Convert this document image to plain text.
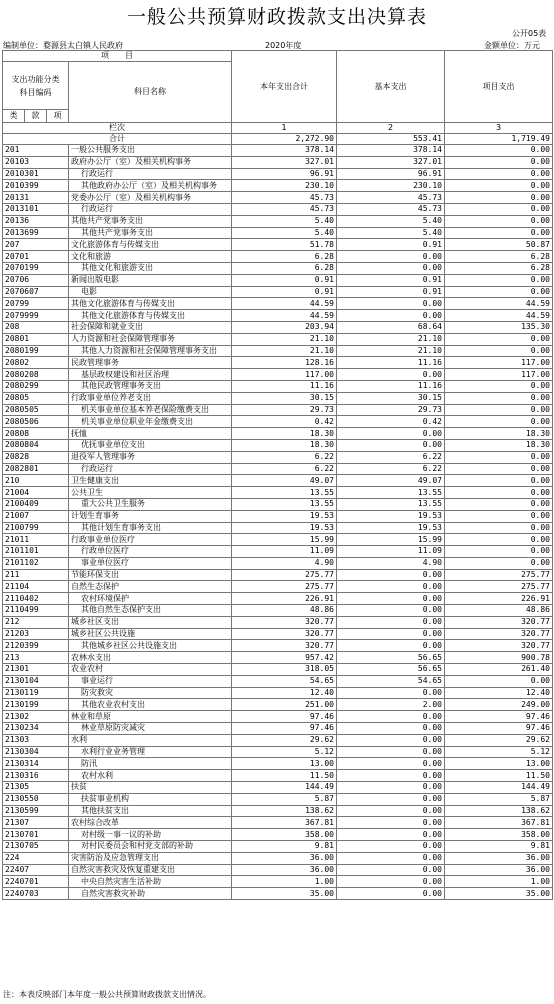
一般公共预算财政拨款支出决算表
公开05表
编制单位：婺源县太白镇人民政府	2020年度	金额单位：万元
项　　目				本年支出合计	基本支出	项目支出
支出功能分类
科目编码			科目名称			
类	款	项				
栏次				1	2	3
合计				2,272.90	553.41	1,719.49
201			一般公共服务支出	378.14	378.14	0.00
20103			政府办公厅（室）及相关机构事务	327.01	327.01	0.00
2010301			行政运行	96.91	96.91	0.00
2010399			其他政府办公厅（室）及相关机构事务	230.10	230.10	0.00
20131			党委办公厅（室）及相关机构事务	45.73	45.73	0.00
2013101			行政运行	45.73	45.73	0.00
20136			其他共产党事务支出	5.40	5.40	0.00
2013699			其他共产党事务支出	5.40	5.40	0.00
207			文化旅游体育与传媒支出	51.78	0.91	50.87
20701			文化和旅游	6.28	0.00	6.28
2070199			其他文化和旅游支出	6.28	0.00	6.28
20706			新闻出版电影	0.91	0.91	0.00
2070607			电影	0.91	0.91	0.00
20799			其他文化旅游体育与传媒支出	44.59	0.00	44.59
2079999			其他文化旅游体育与传媒支出	44.59	0.00	44.59
208			社会保障和就业支出	203.94	68.64	135.30
20801			人力资源和社会保障管理事务	21.10	21.10	0.00
2080199			其他人力资源和社会保障管理事务支出	21.10	21.10	0.00
20802			民政管理事务	128.16	11.16	117.00
2080208			基层政权建设和社区治理	117.00	0.00	117.00
2080299			其他民政管理事务支出	11.16	11.16	0.00
20805			行政事业单位养老支出	30.15	30.15	0.00
2080505			机关事业单位基本养老保险缴费支出	29.73	29.73	0.00
2080506			机关事业单位职业年金缴费支出	0.42	0.42	0.00
20808			抚恤	18.30	0.00	18.30
2080804			优抚事业单位支出	18.30	0.00	18.30
20828			退役军人管理事务	6.22	6.22	0.00
2082801			行政运行	6.22	6.22	0.00
210			卫生健康支出	49.07	49.07	0.00
21004			公共卫生	13.55	13.55	0.00
2100409			重大公共卫生服务	13.55	13.55	0.00
21007			计划生育事务	19.53	19.53	0.00
2100799			其他计划生育事务支出	19.53	19.53	0.00
21011			行政事业单位医疗	15.99	15.99	0.00
2101101			行政单位医疗	11.09	11.09	0.00
2101102			事业单位医疗	4.90	4.90	0.00
211			节能环保支出	275.77	0.00	275.77
21104			自然生态保护	275.77	0.00	275.77
2110402			农村环境保护	226.91	0.00	226.91
2110499			其他自然生态保护支出	48.86	0.00	48.86
212			城乡社区支出	320.77	0.00	320.77
21203			城乡社区公共设施	320.77	0.00	320.77
2120399			其他城乡社区公共设施支出	320.77	0.00	320.77
213			农林水支出	957.42	56.65	900.78
21301			农业农村	318.05	56.65	261.40
2130104			事业运行	54.65	54.65	0.00
2130119			防灾救灾	12.40	0.00	12.40
2130199			其他农业农村支出	251.00	2.00	249.00
21302			林业和草原	97.46	0.00	97.46
2130234			林业草原防灾减灾	97.46	0.00	97.46
21303			水利	29.62	0.00	29.62
2130304			水利行业业务管理	5.12	0.00	5.12
2130314			防汛	13.00	0.00	13.00
2130316			农村水利	11.50	0.00	11.50
21305			扶贫	144.49	0.00	144.49
2130550			扶贫事业机构	5.87	0.00	5.87
2130599			其他扶贫支出	138.62	0.00	138.62
21307			农村综合改革	367.81	0.00	367.81
2130701			对村级一事一议的补助	358.00	0.00	358.00
2130705			对村民委员会和村党支部的补助	9.81	0.00	9.81
224			灾害防治及应急管理支出	36.00	0.00	36.00
22407			自然灾害救灾及恢复重建支出	36.00	0.00	36.00
2240701			中央自然灾害生活补助	1.00	0.00	1.00
2240703			自然灾害救灾补助	35.00	0.00	35.00
注：本表反映部门本年度一般公共预算财政拨款支出情况。
